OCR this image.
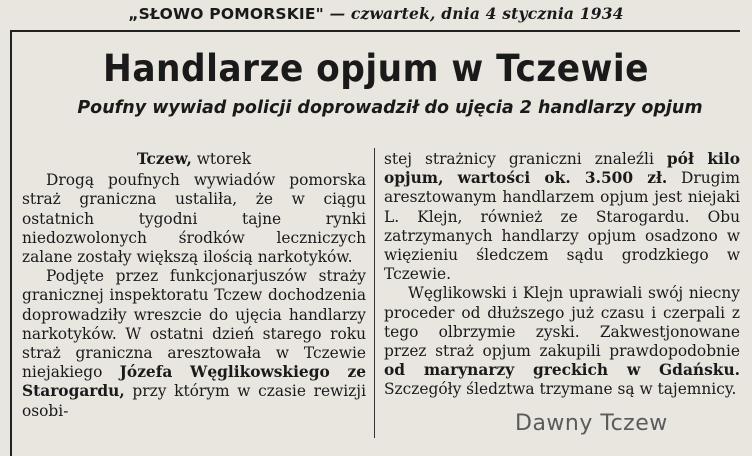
„SŁOWO POMORSKIE" — czwartek, dnia 4 stycznia 1934
Handlarze opjum w Tczewie
Poufny wywiad policji doprowadził do ujęcia 2 handlarzy opjum
Tczew, wtorek

Drogą poufnych wywiadów pomorska straż graniczna ustaliła, że w ciągu ostatnich tygodni tajne rynki niedozwolonych środków leczniczych zalane zostały większą ilością narkotyków.

Podjęte przez funkcjonarjuszów straży granicznej inspektoratu Tczew dochodzenia doprowadziły wreszcie do ujęcia handlarzy narkotyków. W ostatni dzień starego roku straż graniczna aresztowała w Tczewie niejakiego Józefa Węglikowskiego ze Starogardu, przy którym w czasie rewizji osobi-

stej strażnicy graniczni znaleźli pół kilo opjum, wartości ok. 3.500 zł. Drugim aresztowanym handlarzem opjum jest niejaki L. Klejn, również ze Starogardu. Obu zatrzymanych handlarzy opjum osadzono w więzieniu śledczem sądu grodzkiego w Tczewie.

Węglikowski i Klejn uprawiali swój niecny proceder od dłuższego już czasu i czerpali z tego olbrzymie zyski. Zakwestjonowane przez straż opjum zakupili prawdopodobnie od marynarzy greckich w Gdańsku. Szczegóły śledztwa trzymane są w tajemnicy.

Dawny Tczew
